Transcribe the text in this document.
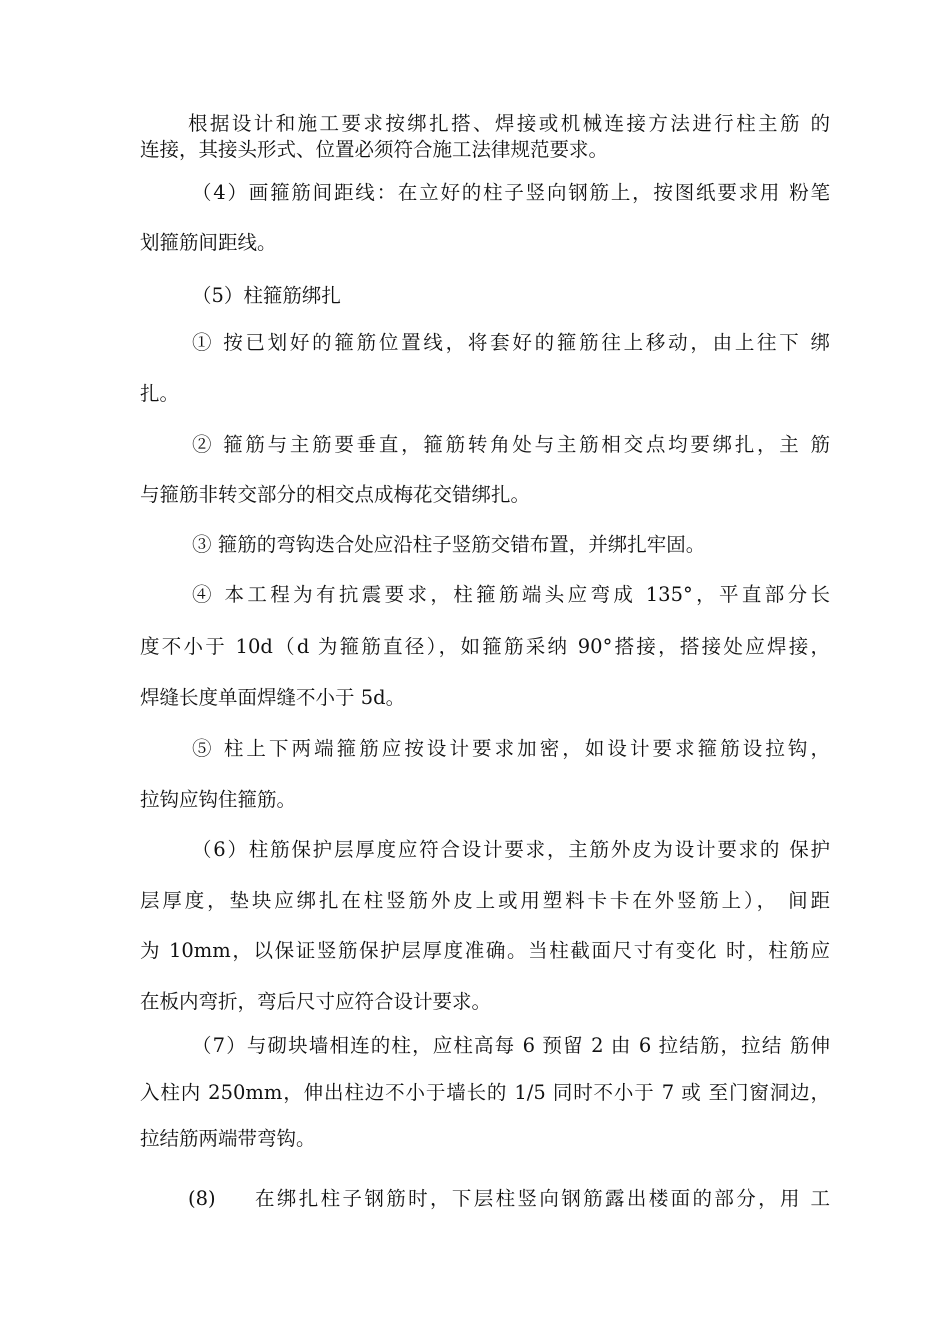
根据设计和施工要求按绑扎搭、焊接或机械连接方法进行柱主筋 的
连接，其接头形式、位置必须符合施工法律规范要求。
（4）画箍筋间距线：在立好的柱子竖向钢筋上，按图纸要求用 粉笔
划箍筋间距线。
（5）柱箍筋绑扎
① 按已划好的箍筋位置线，将套好的箍筋往上移动，由上往下 绑
扎。
② 箍筋与主筋要垂直，箍筋转角处与主筋相交点均要绑扎，主 筋
与箍筋非转交部分的相交点成梅花交错绑扎。
③ 箍筋的弯钩迭合处应沿柱子竖筋交错布置，并绑扎牢固。
④ 本工程为有抗震要求，柱箍筋端头应弯成 135°，平直部分长
度不小于 10d（d 为箍筋直径），如箍筋采纳 90°搭接，搭接处应焊接，
焊缝长度单面焊缝不小于 5d。
⑤ 柱上下两端箍筋应按设计要求加密，如设计要求箍筋设拉钩，
拉钩应钩住箍筋。
（6）柱筋保护层厚度应符合设计要求，主筋外皮为设计要求的 保护
层厚度，垫块应绑扎在柱竖筋外皮上或用塑料卡卡在外竖筋上）， 间距
为 10mm，以保证竖筋保护层厚度准确。当柱截面尺寸有变化 时，柱筋应
在板内弯折，弯后尺寸应符合设计要求。
（7）与砌块墙相连的柱，应柱高每 6 预留 2 由 6 拉结筋，拉结 筋伸
入柱内 250mm，伸出柱边不小于墙长的 1/5 同时不小于 7 或 至门窗洞边，
拉结筋两端带弯钩。
(8) 在绑扎柱子钢筋时，下层柱竖向钢筋露出楼面的部分，用 工
